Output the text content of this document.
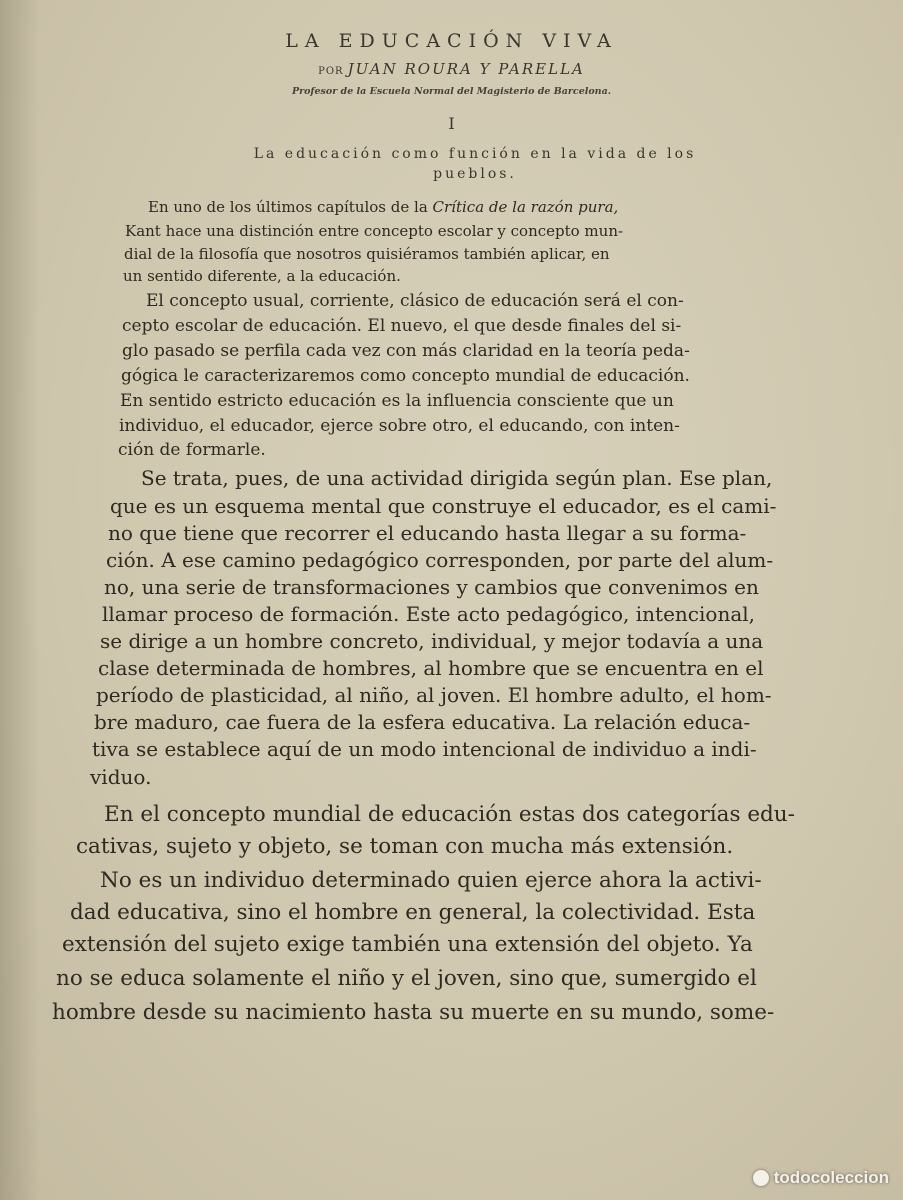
LA EDUCACIÓN VIVA
POR JUAN ROURA Y PARELLA
Profesor de la Escuela Normal del Magisterio de Barcelona.
I
La educación como función en la vida de los
pueblos.
En uno de los últimos capítulos de la Crítica de la razón pura,
Kant hace una distinción entre concepto escolar y concepto mun-
dial de la filosofía que nosotros quisiéramos también aplicar, en
un sentido diferente, a la educación.
El concepto usual, corriente, clásico de educación será el con-
cepto escolar de educación. El nuevo, el que desde finales del si-
glo pasado se perfila cada vez con más claridad en la teoría peda-
gógica le caracterizaremos como concepto mundial de educación.
En sentido estricto educación es la influencia consciente que un
individuo, el educador, ejerce sobre otro, el educando, con inten-
ción de formarle.
Se trata, pues, de una actividad dirigida según plan. Ese plan,
que es un esquema mental que construye el educador, es el cami-
no que tiene que recorrer el educando hasta llegar a su forma-
ción. A ese camino pedagógico corresponden, por parte del alum-
no, una serie de transformaciones y cambios que convenimos en
llamar proceso de formación. Este acto pedagógico, intencional,
se dirige a un hombre concreto, individual, y mejor todavía a una
clase determinada de hombres, al hombre que se encuentra en el
período de plasticidad, al niño, al joven. El hombre adulto, el hom-
bre maduro, cae fuera de la esfera educativa. La relación educa-
tiva se establece aquí de un modo intencional de individuo a indi-
viduo.
En el concepto mundial de educación estas dos categorías edu-
cativas, sujeto y objeto, se toman con mucha más extensión.
No es un individuo determinado quien ejerce ahora la activi-
dad educativa, sino el hombre en general, la colectividad. Esta
extensión del sujeto exige también una extensión del objeto. Ya
no se educa solamente el niño y el joven, sino que, sumergido el
hombre desde su nacimiento hasta su muerte en su mundo, some-
todocoleccion
